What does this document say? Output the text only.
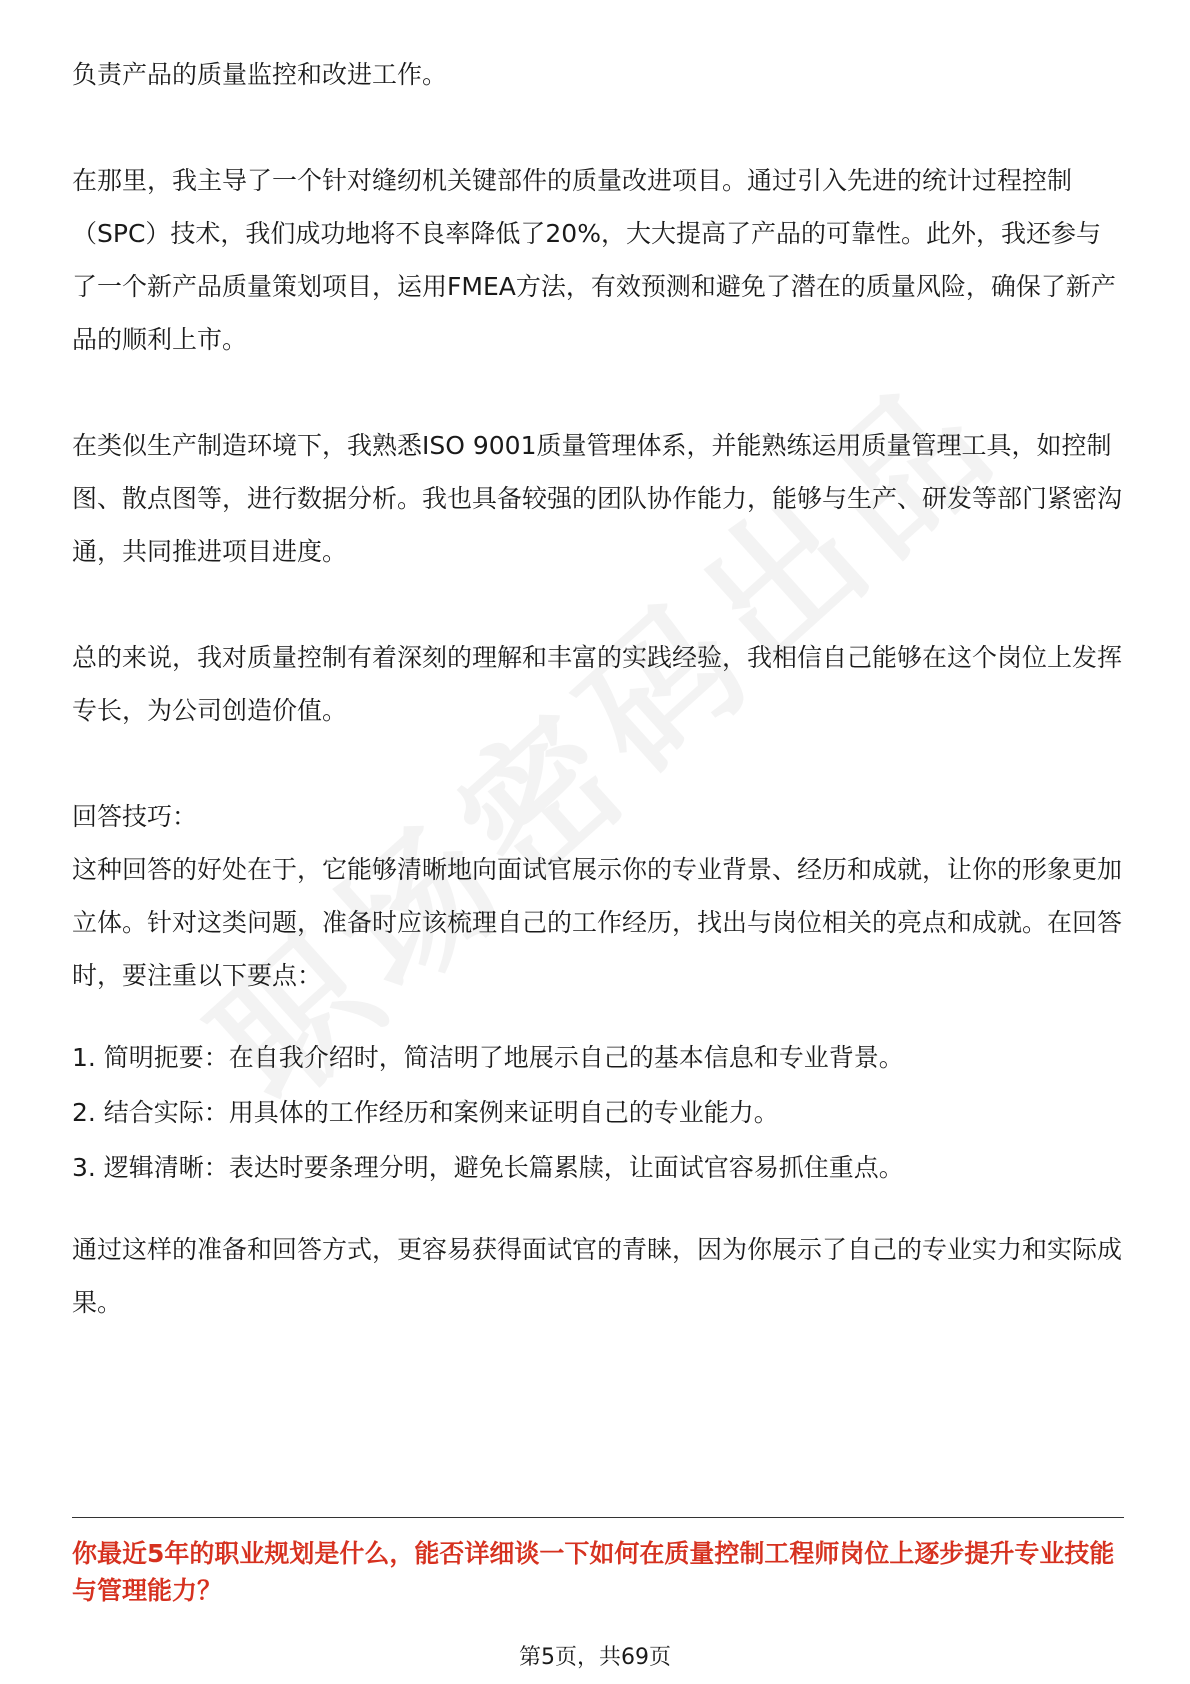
负责产品的质量监控和改进工作。

在那里，我主导了一个针对缝纫机关键部件的质量改进项目。通过引入先进的统计过程控制（SPC）技术，我们成功地将不良率降低了20%，大大提高了产品的可靠性。此外，我还参与了一个新产品质量策划项目，运用FMEA方法，有效预测和避免了潜在的质量风险，确保了新产品的顺利上市。

在类似生产制造环境下，我熟悉ISO 9001质量管理体系，并能熟练运用质量管理工具，如控制图、散点图等，进行数据分析。我也具备较强的团队协作能力，能够与生产、研发等部门紧密沟通，共同推进项目进度。

总的来说，我对质量控制有着深刻的理解和丰富的实践经验，我相信自己能够在这个岗位上发挥专长，为公司创造价值。

回答技巧：

这种回答的好处在于，它能够清晰地向面试官展示你的专业背景、经历和成就，让你的形象更加立体。针对这类问题，准备时应该梳理自己的工作经历，找出与岗位相关的亮点和成就。在回答时，要注重以下要点：

1. 简明扼要：在自我介绍时，简洁明了地展示自己的基本信息和专业背景。

2. 结合实际：用具体的工作经历和案例来证明自己的专业能力。

3. 逻辑清晰：表达时要条理分明，避免长篇累牍，让面试官容易抓住重点。

通过这样的准备和回答方式，更容易获得面试官的青睐，因为你展示了自己的专业实力和实际成果。

你最近5年的职业规划是什么，能否详细谈一下如何在质量控制工程师岗位上逐步提升专业技能与管理能力？

第5页，共69页
